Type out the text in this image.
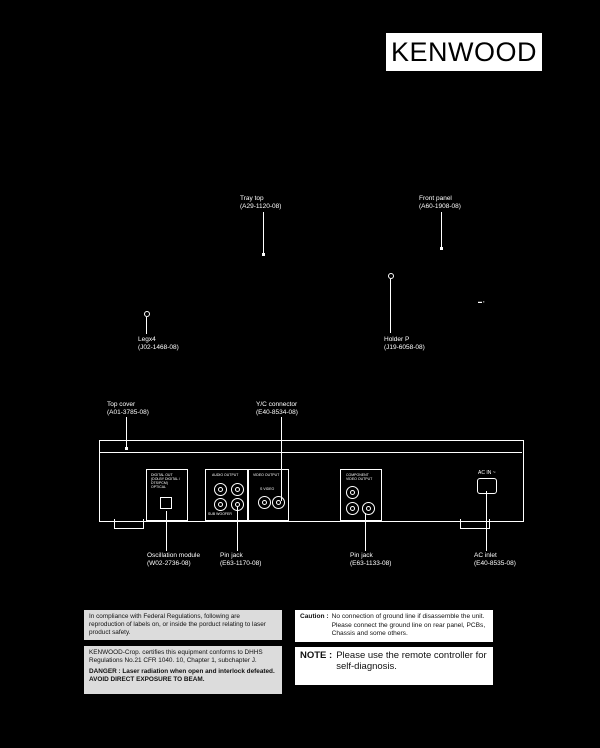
KENWOOD
Tray top
(A29-1120-08)
Front panel
(A60-1908-08)
Holder P
(J19-6058-08)
▬ ▪
Legx4
(J02-1468-08)
Top cover
(A01-3785-08)
Y/C connector
(E40-8534-08)
DIGITAL OUT
(DOLBY DIGITAL /
DTS/PCM)
OPTICAL
AUDIO OUTPUT
SUB WOOFER
VIDEO OUTPUT
S VIDEO
COMPONENT
VIDEO OUTPUT
AC IN ~
Oscillation module
(W02-2736-08)
Pin jack
(E63-1170-08)
Pin jack
(E63-1133-08)
AC inlet
(E40-8535-08)
In compliance with Federal Regulations, following are reproduction of labels on, or inside the porduct relating to laser product safety.
KENWOOD-Crop. certifies this equipment conforms to DHHS Regulations No.21 CFR 1040. 10, Chapter 1, subchapter J.
DANGER : Laser radiation when open and interlock defeated.
AVOID DIRECT EXPOSURE TO BEAM.
Caution : No connection of ground line if disassemble the unit. Please connect the ground line on rear panel, PCBs, Chassis and some others.
NOTE : Please use the remote controller for self-diagnosis.
